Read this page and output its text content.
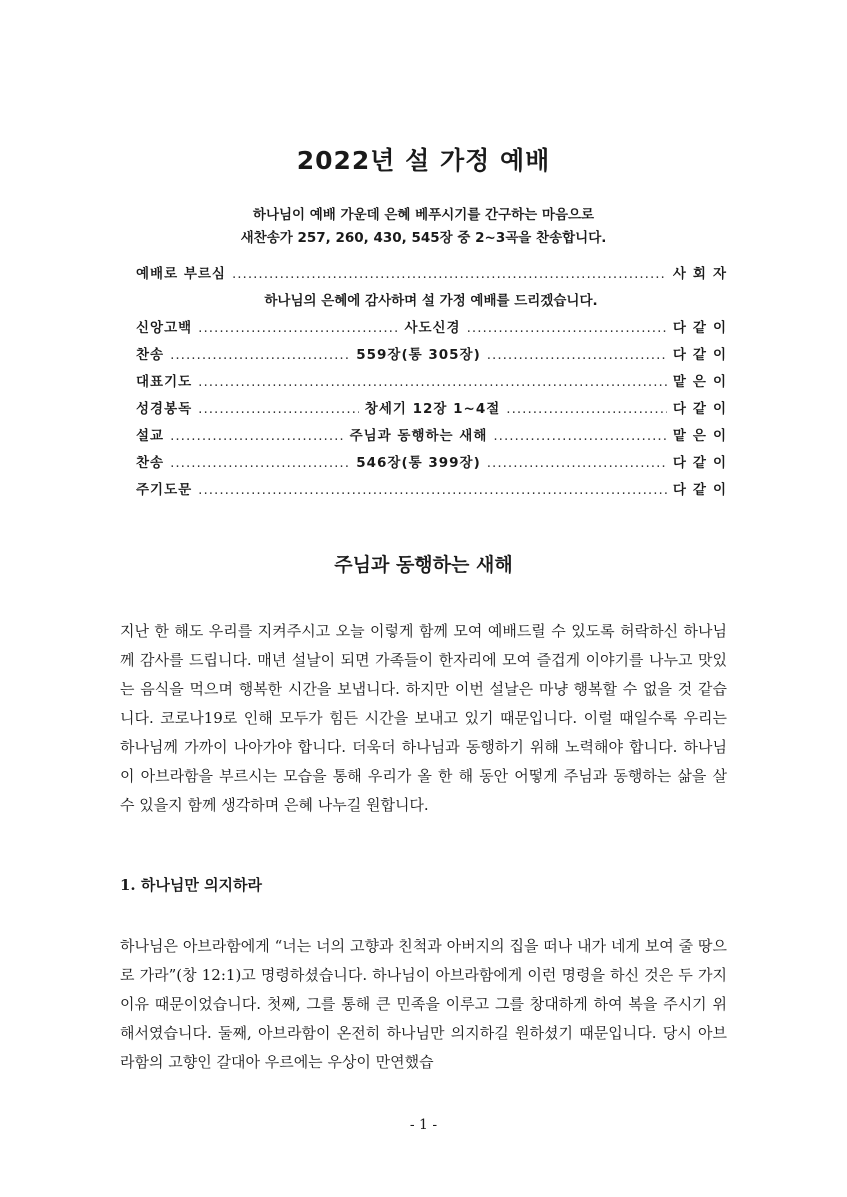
2022년 설 가정 예배
하나님이 예배 가운데 은혜 베푸시기를 간구하는 마음으로
새찬송가 257, 260, 430, 545장 중 2~3곡을 찬송합니다.
예배로 부르심 .....	사회자
하나님의 은혜에 감사하며 설 가정 예배를 드리겠습니다.
신앙고백 .....	사도신경 .....	다같이
찬송 .....	559장(통 305장) .....	다같이
대표기도 .....	맡은이
성경봉독 .....	창세기 12장 1~4절 .....	다같이
설교 .....	주님과 동행하는 새해 .....	맡은이
찬송 .....	546장(통 399장) .....	다같이
주기도문 .....	다같이
주님과 동행하는 새해

지난 한 해도 우리를 지켜주시고 오늘 이렇게 함께 모여 예배드릴 수 있도록 허락하신 하나님께 감사를 드립니다. 매년 설날이 되면 가족들이 한자리에 모여 즐겁게 이야기를 나누고 맛있는 음식을 먹으며 행복한 시간을 보냅니다. 하지만 이번 설날은 마냥 행복할 수 없을 것 같습니다. 코로나19로 인해 모두가 힘든 시간을 보내고 있기 때문입니다. 이럴 때일수록 우리는 하나님께 가까이 나아가야 합니다. 더욱더 하나님과 동행하기 위해 노력해야 합니다. 하나님이 아브라함을 부르시는 모습을 통해 우리가 올 한 해 동안 어떻게 주님과 동행하는 삶을 살 수 있을지 함께 생각하며 은혜 나누길 원합니다.

1. 하나님만 의지하라

하나님은 아브라함에게 “너는 너의 고향과 친척과 아버지의 집을 떠나 내가 네게 보여 줄 땅으로 가라”(창 12:1)고 명령하셨습니다. 하나님이 아브라함에게 이런 명령을 하신 것은 두 가지 이유 때문이었습니다. 첫째, 그를 통해 큰 민족을 이루고 그를 창대하게 하여 복을 주시기 위해서였습니다. 둘째, 아브라함이 온전히 하나님만 의지하길 원하셨기 때문입니다. 당시 아브라함의 고향인 갈대아 우르에는 우상이 만연했습

- 1 -
